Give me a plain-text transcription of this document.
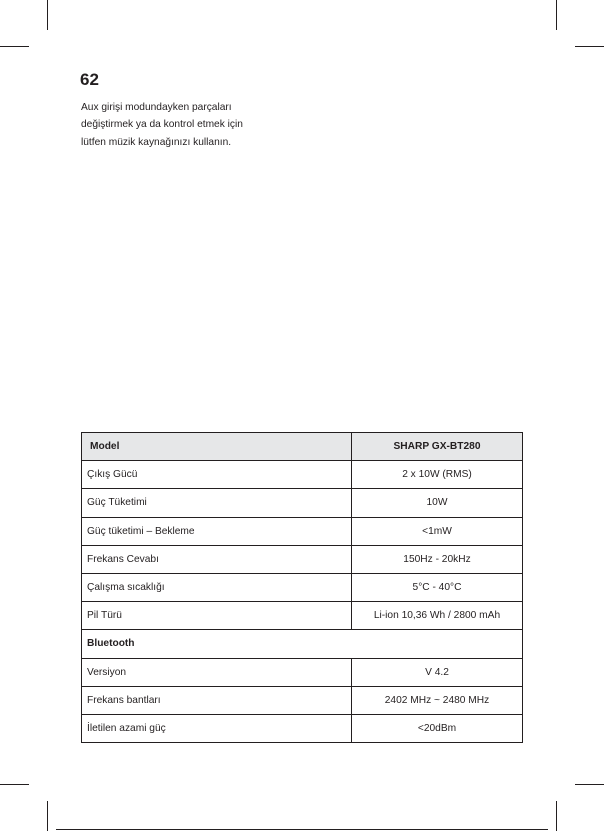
62

Aux girişi modundayken parçaları
değiştirmek ya da kontrol etmek için
lütfen müzik kaynağınızı kullanın.

Model	SHARP GX-BT280
Çıkış Gücü	2 x 10W (RMS)
Güç Tüketimi	10W
Güç tüketimi – Bekleme	<1mW
Frekans Cevabı	150Hz - 20kHz
Çalışma sıcaklığı	5°C - 40°C
Pil Türü	Li-ion 10,36 Wh / 2800 mAh
Bluetooth	
Versiyon	V 4.2
Frekans bantları	2402 MHz ~ 2480 MHz
İletilen azami güç	<20dBm
